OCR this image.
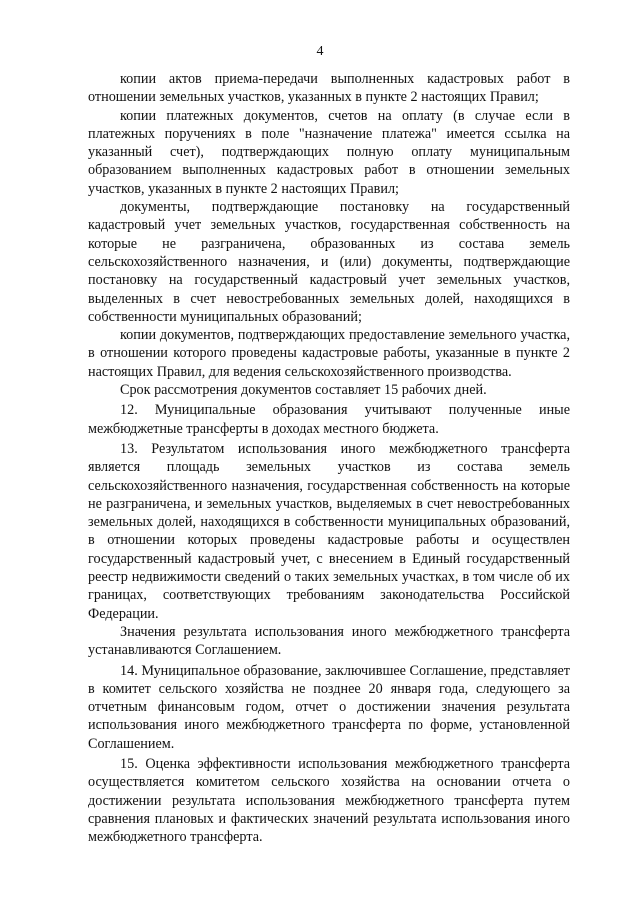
4

копии актов приема-передачи выполненных кадастровых работ в отношении земельных участков, указанных в пункте 2 настоящих Правил;

копии платежных документов, счетов на оплату (в случае если в платежных поручениях в поле "назначение платежа" имеется ссылка на указанный счет), подтверждающих полную оплату муниципальным образованием выполненных кадастровых работ в отношении земельных участков, указанных в пункте 2 настоящих Правил;

документы, подтверждающие постановку на государственный кадастровый учет земельных участков, государственная собственность на которые не разграничена, образованных из состава земель сельскохозяйственного назначения, и (или) документы, подтверждающие постановку на государственный кадастровый учет земельных участков, выделенных в счет невостребованных земельных долей, находящихся в собственности муниципальных образований;

копии документов, подтверждающих предоставление земельного участка, в отношении которого проведены кадастровые работы, указанные в пункте 2 настоящих Правил, для ведения сельскохозяйственного производства.

Срок рассмотрения документов составляет 15 рабочих дней.

12. Муниципальные образования учитывают полученные иные межбюджетные трансферты в доходах местного бюджета.

13. Результатом использования иного межбюджетного трансферта является площадь земельных участков из состава земель сельскохозяйственного назначения, государственная собственность на которые не разграничена, и земельных участков, выделяемых в счет невостребованных земельных долей, находящихся в собственности муниципальных образований, в отношении которых проведены кадастровые работы и осуществлен государственный кадастровый учет, с внесением в Единый государственный реестр недвижимости сведений о таких земельных участках, в том числе об их границах, соответствующих требованиям законодательства Российской Федерации.

Значения результата использования иного межбюджетного трансферта устанавливаются Соглашением.

14. Муниципальное образование, заключившее Соглашение, представляет в комитет сельского хозяйства не позднее 20 января года, следующего за отчетным финансовым годом, отчет о достижении значения результата использования иного межбюджетного трансферта по форме, установленной Соглашением.

15. Оценка эффективности использования межбюджетного трансферта осуществляется комитетом сельского хозяйства на основании отчета о достижении результата использования межбюджетного трансферта путем сравнения плановых и фактических значений результата использования иного межбюджетного трансферта.
